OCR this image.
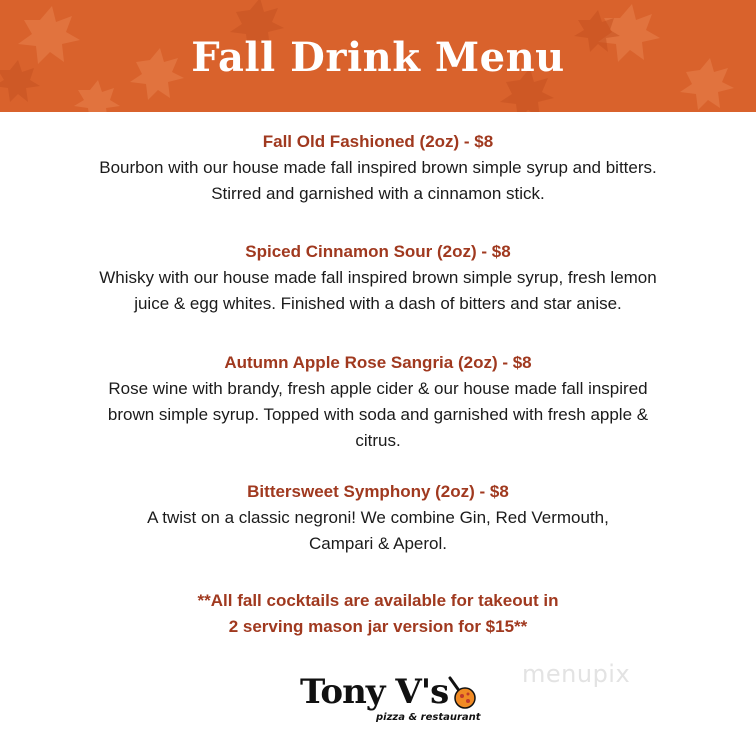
Fall Drink Menu

Fall Old Fashioned (2oz) - $8

Bourbon with our house made fall inspired brown simple syrup and bitters.

Stirred and garnished with a cinnamon stick.

Spiced Cinnamon Sour (2oz) - $8

Whisky with our house made fall inspired brown simple syrup, fresh lemon

juice & egg whites. Finished with a dash of bitters and star anise.

Autumn Apple Rose Sangria (2oz) - $8

Rose wine with brandy, fresh apple cider & our house made fall inspired

brown simple syrup. Topped with soda and garnished with fresh apple &

citrus.

Bittersweet Symphony (2oz) - $8

A twist on a classic negroni! We combine Gin, Red Vermouth,

Campari & Aperol.

**All fall cocktails are available for takeout in
2 serving mason jar version for $15**
menupix
Tony V's
pizza & restaurant
